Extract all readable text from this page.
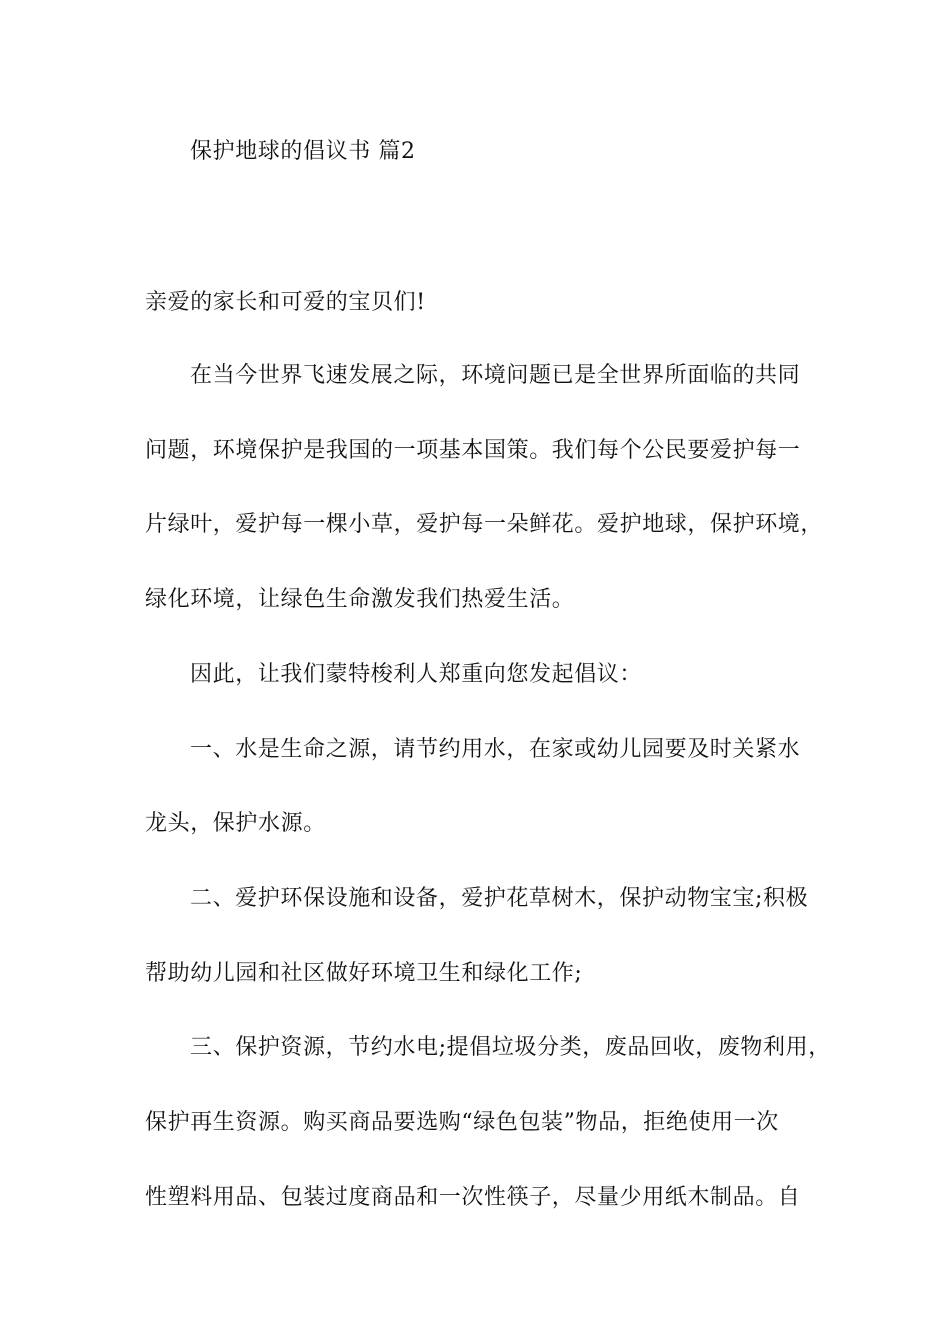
保护地球的倡议书 篇2
亲爱的家长和可爱的宝贝们!
在当今世界飞速发展之际，环境问题已是全世界所面临的共同
问题，环境保护是我国的一项基本国策。我们每个公民要爱护每一
片绿叶，爱护每一棵小草，爱护每一朵鲜花。爱护地球，保护环境，
绿化环境，让绿色生命激发我们热爱生活。
因此，让我们蒙特梭利人郑重向您发起倡议：
一、水是生命之源，请节约用水，在家或幼儿园要及时关紧水
龙头，保护水源。
二、爱护环保设施和设备，爱护花草树木，保护动物宝宝;积极
帮助幼儿园和社区做好环境卫生和绿化工作;
三、保护资源，节约水电;提倡垃圾分类，废品回收，废物利用，
保护再生资源。购买商品要选购“绿色包装”物品，拒绝使用一次
性塑料用品、包装过度商品和一次性筷子，尽量少用纸木制品。自
